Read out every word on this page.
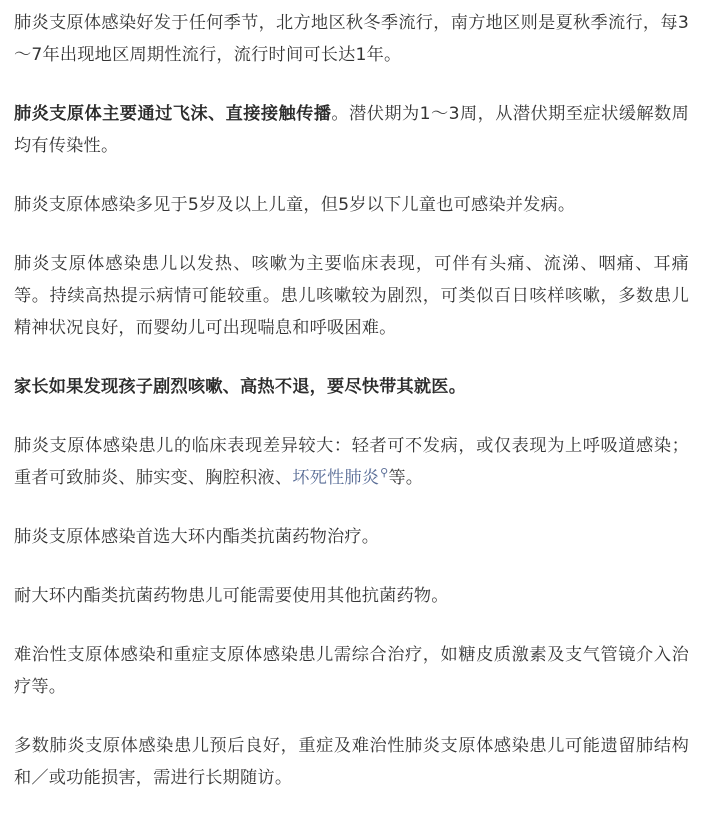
肺炎支原体感染好发于任何季节，北方地区秋冬季流行，南方地区则是夏秋季流行，每3～7年出现地区周期性流行，流行时间可长达1年。

肺炎支原体主要通过飞沫、直接接触传播。潜伏期为1～3周，从潜伏期至症状缓解数周均有传染性。

肺炎支原体感染多见于5岁及以上儿童，但5岁以下儿童也可感染并发病。

肺炎支原体感染患儿以发热、咳嗽为主要临床表现，可伴有头痛、流涕、咽痛、耳痛等。持续高热提示病情可能较重。患儿咳嗽较为剧烈，可类似百日咳样咳嗽，多数患儿精神状况良好，而婴幼儿可出现喘息和呼吸困难。

家长如果发现孩子剧烈咳嗽、高热不退，要尽快带其就医。

肺炎支原体感染患儿的临床表现差异较大：轻者可不发病，或仅表现为上呼吸道感染；重者可致肺炎、肺实变、胸腔积液、坏死性肺炎⚲等。

肺炎支原体感染首选大环内酯类抗菌药物治疗。

耐大环内酯类抗菌药物患儿可能需要使用其他抗菌药物。

难治性支原体感染和重症支原体感染患儿需综合治疗，如糖皮质激素及支气管镜介入治疗等。

多数肺炎支原体感染患儿预后良好，重症及难治性肺炎支原体感染患儿可能遗留肺结构和／或功能损害，需进行长期随访。
